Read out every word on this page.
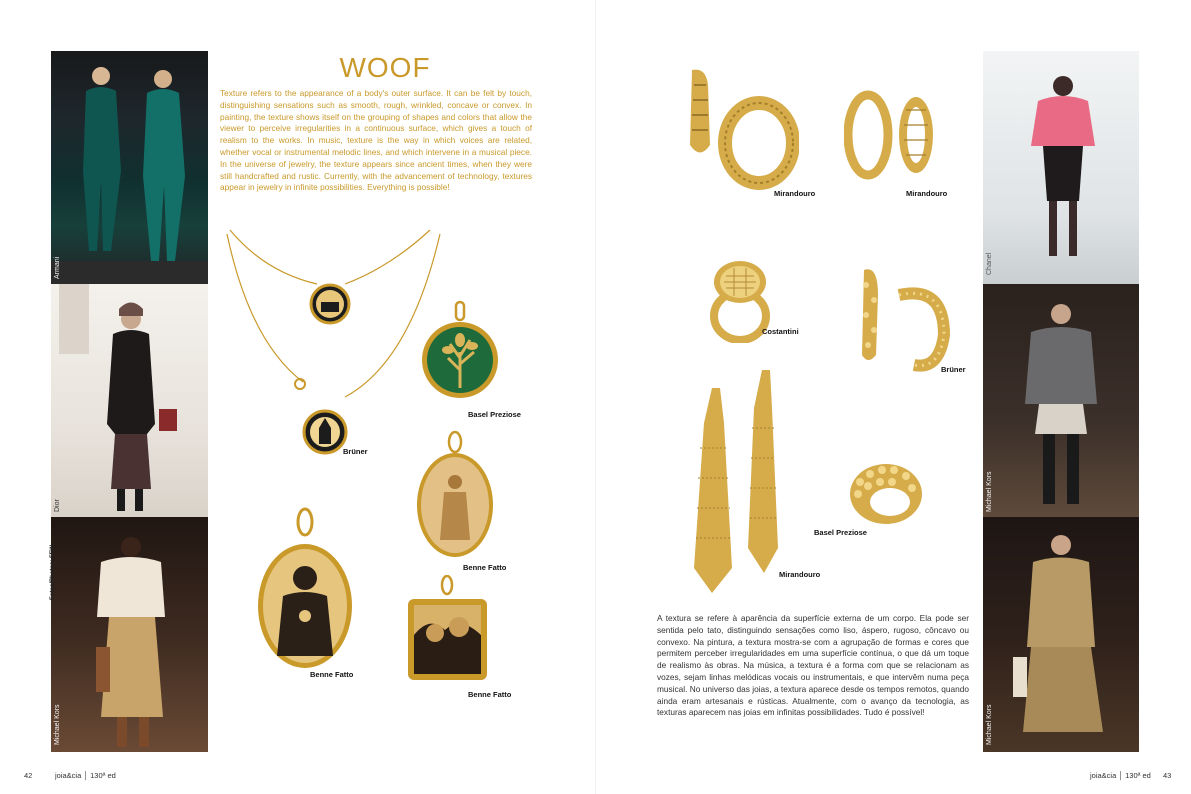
Armani
Dior
Michael Kors
Fotos/Photos: FFW
WOOF
Texture refers to the appearance of a body's outer surface. It can be felt by touch, distinguishing sensations such as smooth, rough, wrinkled, concave or convex. In painting, the texture shows itself on the grouping of shapes and colors that allow the viewer to perceive irregularities in a continuous surface, which gives a touch of realism to the works. In music, texture is the way in which voices are related, whether vocal or instrumental melodic lines, and which intervene in a musical piece. In the universe of jewelry, the texture appears since ancient times, when they were still handcrafted and rustic. Currently, with the advancement of technology, textures appear in jewelry in infinite possibilities. Everything is possible!
Brüner
Basel Preziose
Benne Fatto
Benne Fatto
Benne Fatto
42	joia&cia │ 130ª ed
Mirandouro	Mirandouro
Costantini
Brüner
Mirandouro
Basel Preziose
A textura se refere à aparência da superfície externa de um corpo. Ela pode ser sentida pelo tato, distinguindo sensações como liso, áspero, rugoso, côncavo ou convexo. Na pintura, a textura mostra-se com a agrupação de formas e cores que permitem perceber irregularidades em uma superfície contínua, o que dá um toque de realismo às obras. Na música, a textura é a forma com que se relacionam as vozes, sejam linhas melódicas vocais ou instrumentais, e que intervêm numa peça musical. No universo das joias, a textura aparece desde os tempos remotos, quando ainda eram artesanais e rústicas. Atualmente, com o avanço da tecnologia, as texturas aparecem nas joias em infinitas possibilidades. Tudo é possível!
Chanel
Michael Kors
Michael Kors
joia&cia │ 130ª ed 43
